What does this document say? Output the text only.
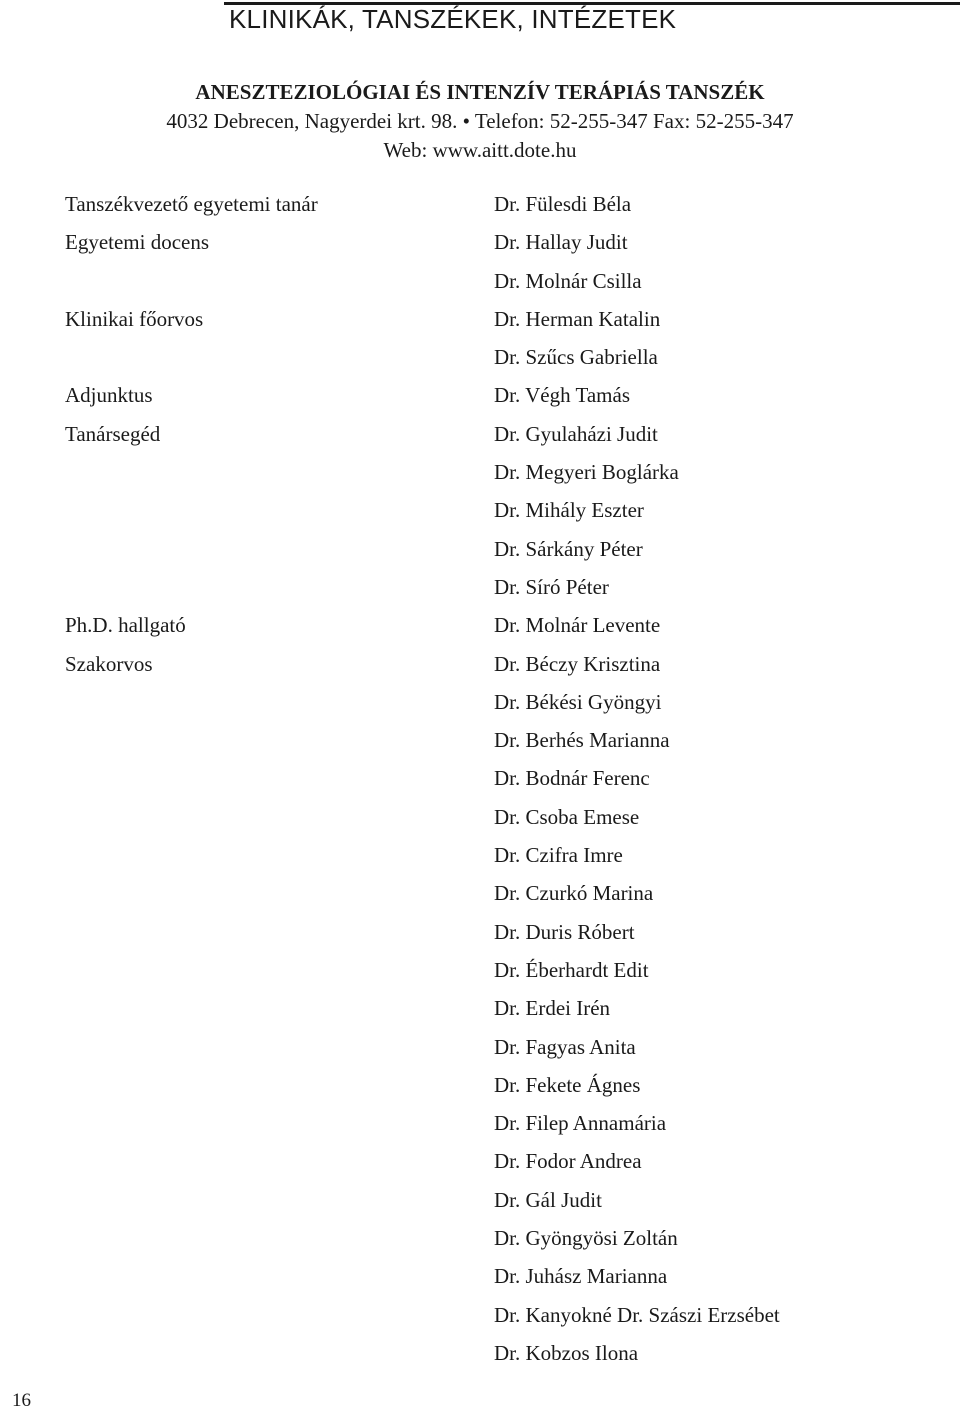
KLINIKÁK, TANSZÉKEK, INTÉZETEK
ANESZTEZIOLÓGIAI ÉS INTENZÍV TERÁPIÁS TANSZÉK
4032 Debrecen, Nagyerdei krt. 98. • Telefon: 52-255-347 Fax: 52-255-347
Web: www.aitt.dote.hu
Tanszékvezető egyetemi tanár	Dr. Fülesdi Béla
Egyetemi docens	Dr. Hallay Judit
Dr. Molnár Csilla
Klinikai főorvos	Dr. Herman Katalin
Dr. Szűcs Gabriella
Adjunktus	Dr. Végh Tamás
Tanársegéd	Dr. Gyulaházi Judit
Dr. Megyeri Boglárka
Dr. Mihály Eszter
Dr. Sárkány Péter
Dr. Síró Péter
Ph.D. hallgató	Dr. Molnár Levente
Szakorvos	Dr. Béczy Krisztina
Dr. Békési Gyöngyi
Dr. Berhés Marianna
Dr. Bodnár Ferenc
Dr. Csoba Emese
Dr. Czifra Imre
Dr. Czurkó Marina
Dr. Duris Róbert
Dr. Éberhardt Edit
Dr. Erdei Irén
Dr. Fagyas Anita
Dr. Fekete Ágnes
Dr. Filep Annamária
Dr. Fodor Andrea
Dr. Gál Judit
Dr. Gyöngyösi Zoltán
Dr. Juhász Marianna
Dr. Kanyokné Dr. Szászi Erzsébet
Dr. Kobzos Ilona
16
